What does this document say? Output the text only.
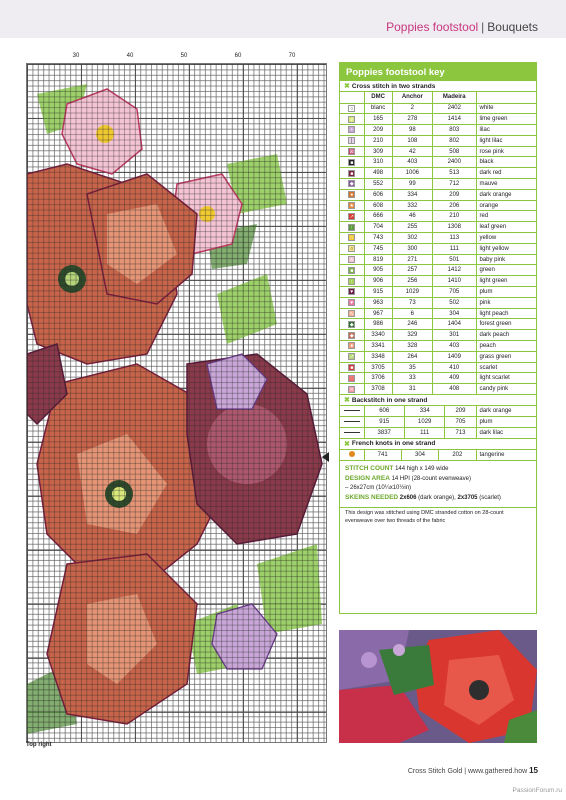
Poppies footstool | Bouquets
30	40	50	60	70
Top right
Poppies footstool key
✖ Cross stitch in two strands
	DMC	Anchor	Madeira	
○	blanc	2	2402	white
∨	165	278	1414	lime green
+	209	98	803	lilac
|	210	108	802	light lilac
⊠	309	42	508	rose pink
■	310	403	2400	black
■	498	1006	513	dark red
◆	552	99	712	mauve
●	606	334	209	dark orange
★	608	332	206	orange
↗	666	46	210	red
↑	704	255	1308	leaf green
☆	743	302	113	yellow
○	745	300	111	light yellow
∧	819	271	501	baby pink
■	905	257	1412	green
↑	906	256	1410	light green
♥	915	1029	705	plum
♥	963	73	502	pink
∿	967	6	304	light peach
◆	986	246	1404	forest green
◆	3340	329	301	dark peach
●	3341	328	403	peach
↗	3348	264	1409	grass green
■	3705	35	410	scarlet
♡	3706	33	409	light scarlet
✕	3708	31	408	candy pink
✖ Backstitch in one strand
	606	334	209	dark orange
	915	1029	705	plum
	3837	111	713	dark lilac
✖ French knots in one strand
	741	304	202	tangerine

STITCH COUNT 144 high x 149 wide

DESIGN AREA 14 HPI (28-count evenweave)

– 26x27cm (10¼x10½in)

SKEINS NEEDED 2x606 (dark orange), 2x3705 (scarlet)

This design was stitched using DMC stranded cotton on 28-count evenweave over two threads of the fabric
Cross Stitch Gold | www.gathered.how 15
PassionForum.ru
